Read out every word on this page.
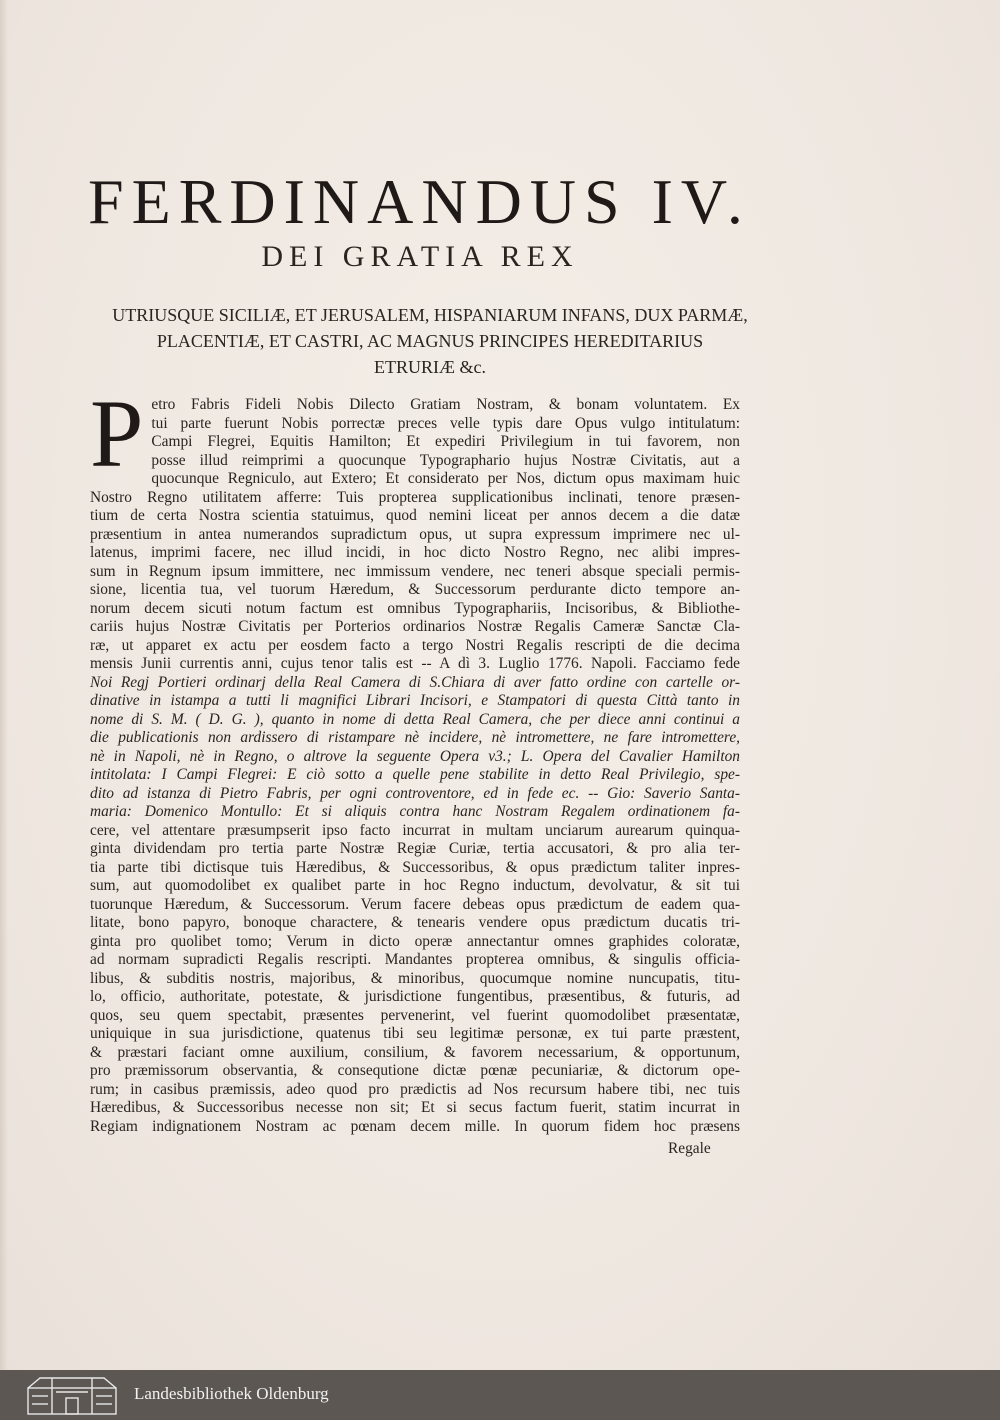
FERDINANDUS IV.
DEI GRATIA REX
UTRIUSQUE SICILIÆ, ET JERUSALEM, HISPANIARUM INFANS, DUX PARMÆ,
PLACENTIÆ, ET CASTRI, AC MAGNUS PRINCIPES HEREDITARIUS
ETRURIÆ &c.
P etro Fabris Fideli Nobis Dilecto Gratiam Nostram, & bonam voluntatem. Ex
tui parte fuerunt Nobis porrectæ preces velle typis dare Opus vulgo intitulatum:
Campi Flegrei, Equitis Hamilton; Et expediri Privilegium in tui favorem, non
posse illud reimprimi a quocunque Typographario hujus Nostræ Civitatis, aut a
quocunque Regniculo, aut Extero; Et considerato per Nos, dictum opus maximam huic
Nostro Regno utilitatem afferre: Tuis propterea supplicationibus inclinati, tenore præsen-
tium de certa Nostra scientia statuimus, quod nemini liceat per annos decem a die datæ
præsentium in antea numerandos supradictum opus, ut supra expressum imprimere nec ul-
latenus, imprimi facere, nec illud incidi, in hoc dicto Nostro Regno, nec alibi impres-
sum in Regnum ipsum immittere, nec immissum vendere, nec teneri absque speciali permis-
sione, licentia tua, vel tuorum Hæredum, & Successorum perdurante dicto tempore an-
norum decem sicuti notum factum est omnibus Typographariis, Incisoribus, & Bibliothe-
cariis hujus Nostræ Civitatis per Porterios ordinarios Nostræ Regalis Cameræ Sanctæ Cla-
ræ, ut apparet ex actu per eosdem facto a tergo Nostri Regalis rescripti de die decima
mensis Junii currentis anni, cujus tenor talis est -- A dì 3. Luglio 1776. Napoli. Facciamo fede
Noi Regj Portieri ordinarj della Real Camera di S.Chiara di aver fatto ordine con cartelle or-
dinative in istampa a tutti li magnifici Librari Incisori, e Stampatori di questa Città tanto in
nome di S. M. ( D. G. ), quanto in nome di detta Real Camera, che per diece anni continui a
die publicationis non ardissero di ristampare nè incidere, nè intromettere, ne fare intromettere,
nè in Napoli, nè in Regno, o altrove la seguente Opera v3.; L. Opera del Cavalier Hamilton
intitolata: I Campi Flegrei: E ciò sotto a quelle pene stabilite in detto Real Privilegio, spe-
dito ad istanza di Pietro Fabris, per ogni controventore, ed in fede ec. -- Gio: Saverio Santa-
maria: Domenico Montullo: Et si aliquis contra hanc Nostram Regalem ordinationem fa-
cere, vel attentare præsumpserit ipso facto incurrat in multam unciarum aurearum quinqua-
ginta dividendam pro tertia parte Nostræ Regiæ Curiæ, tertia accusatori, & pro alia ter-
tia parte tibi dictisque tuis Hæredibus, & Successoribus, & opus prædictum taliter inpres-
sum, aut quomodolibet ex qualibet parte in hoc Regno inductum, devolvatur, & sit tui
tuorunque Hæredum, & Successorum. Verum facere debeas opus prædictum de eadem qua-
litate, bono papyro, bonoque charactere, & tenearis vendere opus prædictum ducatis tri-
ginta pro quolibet tomo; Verum in dicto operæ annectantur omnes graphides coloratæ,
ad normam supradicti Regalis rescripti. Mandantes propterea omnibus, & singulis officia-
libus, & subditis nostris, majoribus, & minoribus, quocumque nomine nuncupatis, titu-
lo, officio, authoritate, potestate, & jurisdictione fungentibus, præsentibus, & futuris, ad
quos, seu quem spectabit, præsentes pervenerint, vel fuerint quomodolibet præsentatæ,
uniquique in sua jurisdictione, quatenus tibi seu legitimæ personæ, ex tui parte præstent,
& præstari faciant omne auxilium, consilium, & favorem necessarium, & opportunum,
pro præmissorum observantia, & consequtione dictæ pœnæ pecuniariæ, & dictorum ope-
rum; in casibus præmissis, adeo quod pro prædictis ad Nos recursum habere tibi, nec tuis
Hæredibus, & Successoribus necesse non sit; Et si secus factum fuerit, statim incurrat in
Regiam indignationem Nostram ac pœnam decem mille. In quorum fidem hoc præsens
Regale
Landesbibliothek Oldenburg
